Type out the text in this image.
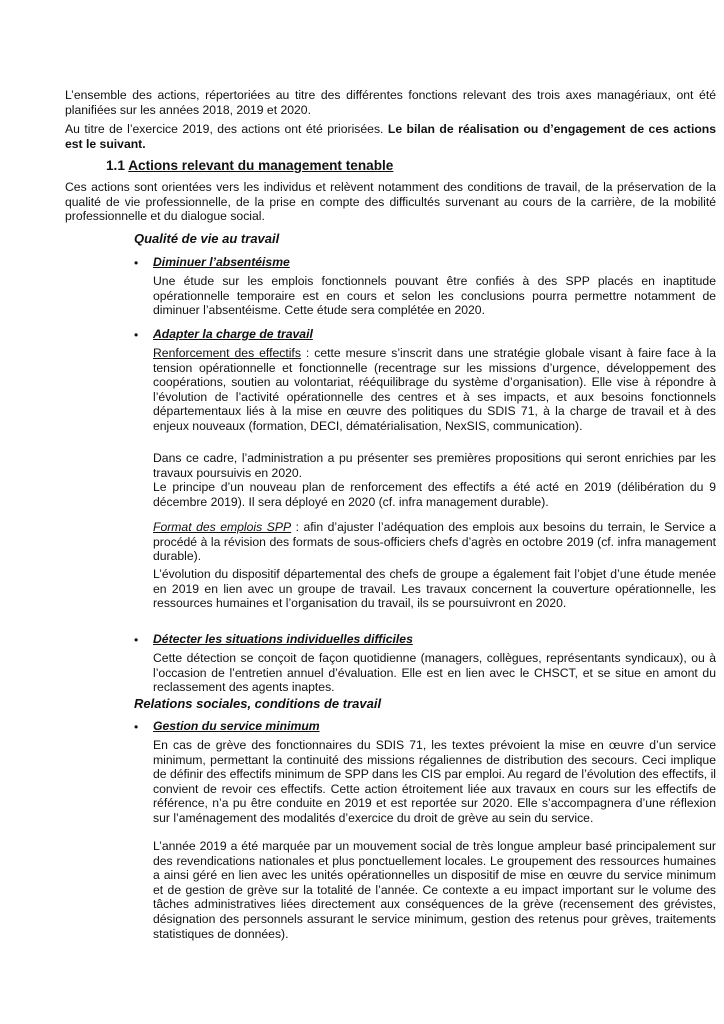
L’ensemble des actions, répertoriées au titre des différentes fonctions relevant des trois axes managériaux, ont été planifiées sur les années 2018, 2019 et 2020.

Au titre de l’exercice 2019, des actions ont été priorisées. Le bilan de réalisation ou d’engagement de ces actions est le suivant.

1.1 Actions relevant du management tenable

Ces actions sont orientées vers les individus et relèvent notamment des conditions de travail, de la préservation de la qualité de vie professionnelle, de la prise en compte des difficultés survenant au cours de la carrière, de la mobilité professionnelle et du dialogue social.

Qualité de vie au travail
• Diminuer l’absentéisme

Une étude sur les emplois fonctionnels pouvant être confiés à des SPP placés en inaptitude opérationnelle temporaire est en cours et selon les conclusions pourra permettre notamment de diminuer l’absentéisme. Cette étude sera complétée en 2020.

• Adapter la charge de travail

Renforcement des effectifs : cette mesure s’inscrit dans une stratégie globale visant à faire face à la tension opérationnelle et fonctionnelle (recentrage sur les missions d’urgence, développement des coopérations, soutien au volontariat, rééquilibrage du système d’organisation). Elle vise à répondre à l’évolution de l’activité opérationnelle des centres et à ses impacts, et aux besoins fonctionnels départementaux liés à la mise en œuvre des politiques du SDIS 71, à la charge de travail et à des enjeux nouveaux (formation, DECI, dématérialisation, NexSIS, communication).

Dans ce cadre, l’administration a pu présenter ses premières propositions qui seront enrichies par les travaux poursuivis en 2020.

Le principe d’un nouveau plan de renforcement des effectifs a été acté en 2019 (délibération du 9 décembre 2019). Il sera déployé en 2020 (cf. infra management durable).

Format des emplois SPP : afin d’ajuster l’adéquation des emplois aux besoins du terrain, le Service a procédé à la révision des formats de sous-officiers chefs d’agrès en octobre 2019 (cf. infra management durable).

L’évolution du dispositif départemental des chefs de groupe a également fait l’objet d’une étude menée en 2019 en lien avec un groupe de travail. Les travaux concernent la couverture opérationnelle, les ressources humaines et l’organisation du travail, ils se poursuivront en 2020.

• Détecter les situations individuelles difficiles

Cette détection se conçoit de façon quotidienne (managers, collègues, représentants syndicaux), ou à l’occasion de l’entretien annuel d’évaluation. Elle est en lien avec le CHSCT, et se situe en amont du reclassement des agents inaptes.

Relations sociales, conditions de travail
• Gestion du service minimum

En cas de grève des fonctionnaires du SDIS 71, les textes prévoient la mise en œuvre d’un service minimum, permettant la continuité des missions régaliennes de distribution des secours. Ceci implique de définir des effectifs minimum de SPP dans les CIS par emploi. Au regard de l’évolution des effectifs, il convient de revoir ces effectifs. Cette action étroitement liée aux travaux en cours sur les effectifs de référence, n’a pu être conduite en 2019 et est reportée sur 2020. Elle s’accompagnera d’une réflexion sur l’aménagement des modalités d’exercice du droit de grève au sein du service.

L’année 2019 a été marquée par un mouvement social de très longue ampleur basé principalement sur des revendications nationales et plus ponctuellement locales. Le groupement des ressources humaines a ainsi géré en lien avec les unités opérationnelles un dispositif de mise en œuvre du service minimum et de gestion de grève sur la totalité de l’année. Ce contexte a eu impact important sur le volume des tâches administratives liées directement aux conséquences de la grève (recensement des grévistes, désignation des personnels assurant le service minimum, gestion des retenus pour grèves, traitements statistiques de données).
